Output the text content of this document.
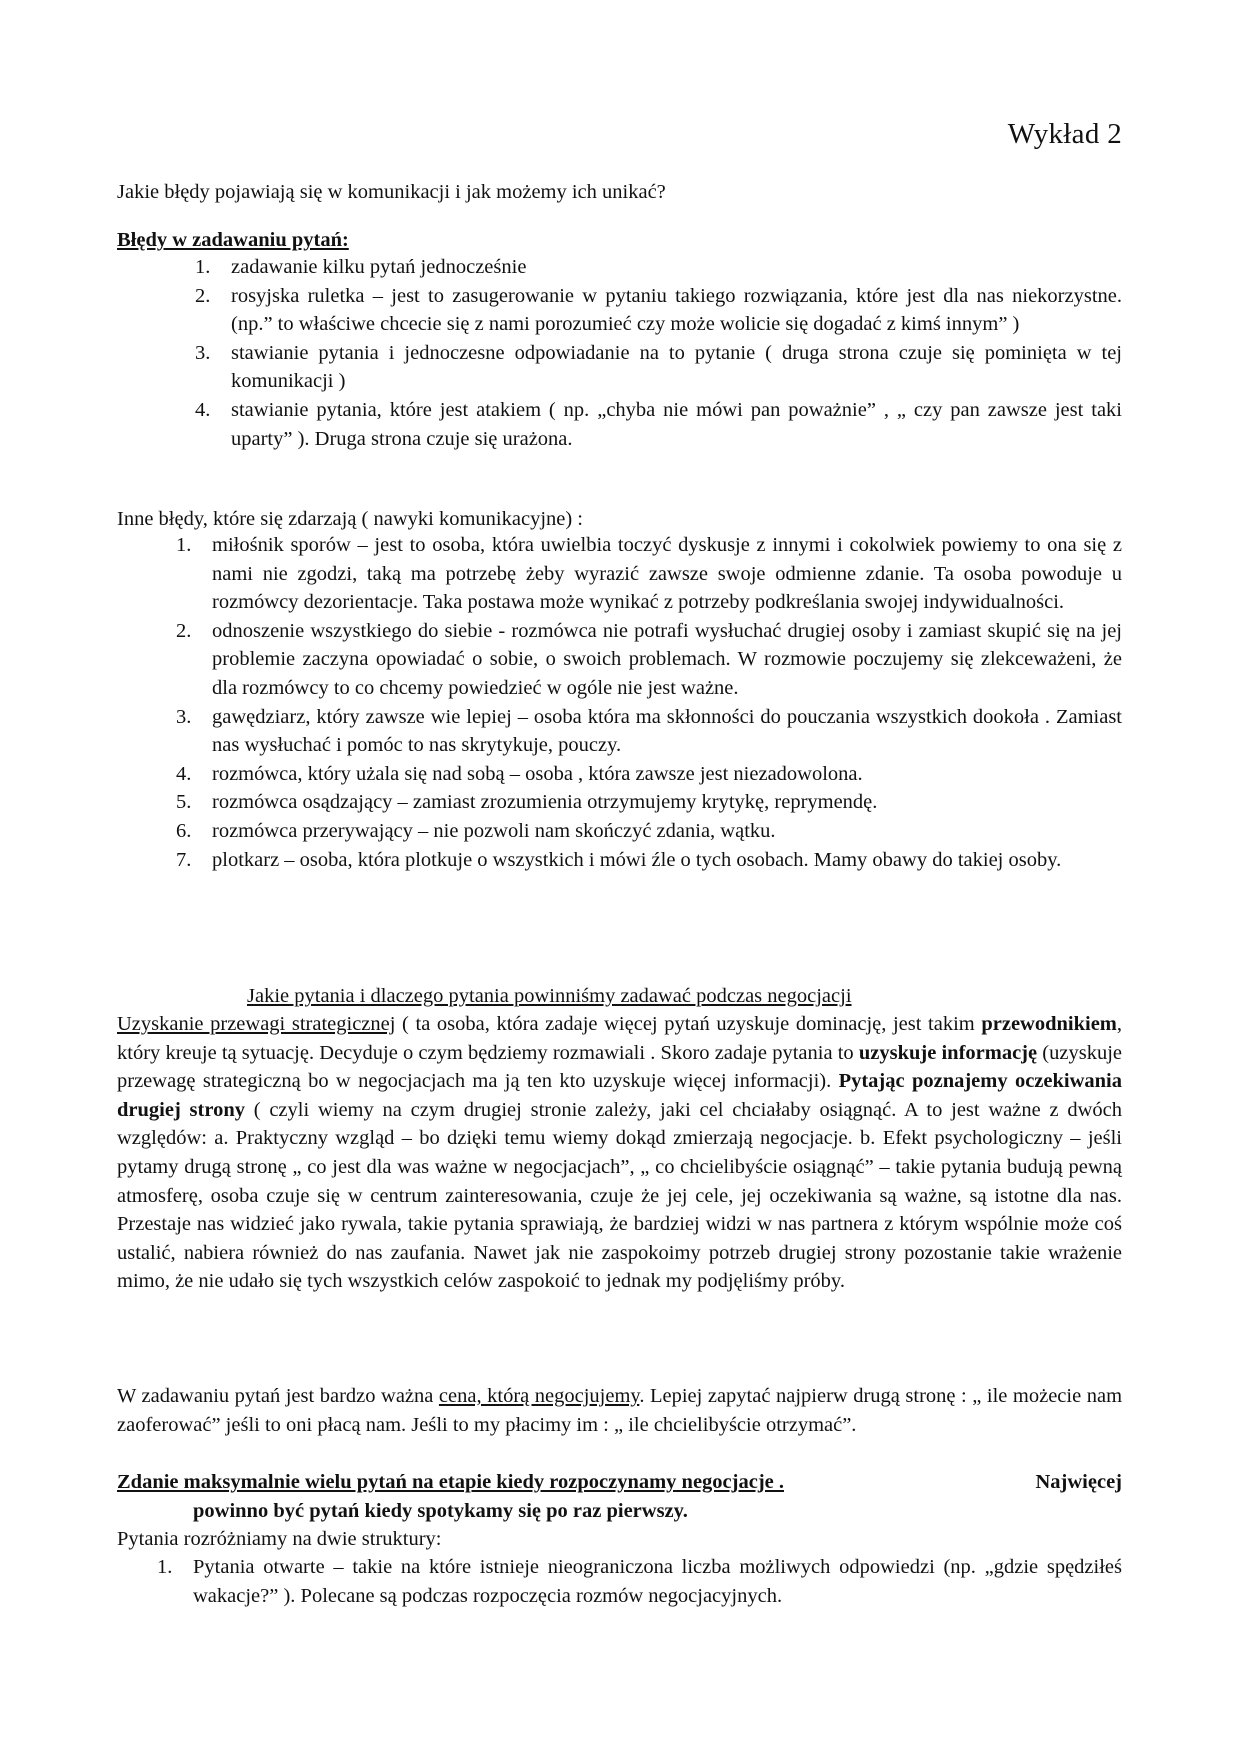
Wykład 2

Jakie błędy pojawiają się w komunikacji i jak możemy ich unikać?

Błędy w zadawaniu pytań:
1. zadawanie kilku pytań jednocześnie
2. rosyjska ruletka – jest to zasugerowanie w pytaniu takiego rozwiązania, które jest dla nas niekorzystne. (np.” to właściwe chcecie się z nami porozumieć czy może wolicie się dogadać z kimś innym” )
3. stawianie pytania i jednoczesne odpowiadanie na to pytanie ( druga strona czuje się pominięta w tej komunikacji )
4. stawianie pytania, które jest atakiem ( np. „chyba nie mówi pan poważnie” , „ czy pan zawsze jest taki uparty” ). Druga strona czuje się urażona.

Inne błędy, które się zdarzają ( nawyki komunikacyjne) :

1. miłośnik sporów – jest to osoba, która uwielbia toczyć dyskusje z innymi i cokolwiek powiemy to ona się z nami nie zgodzi, taką ma potrzebę żeby wyrazić zawsze swoje odmienne zdanie. Ta osoba powoduje u rozmówcy dezorientacje. Taka postawa może wynikać z potrzeby podkreślania swojej indywidualności.
2. odnoszenie wszystkiego do siebie - rozmówca nie potrafi wysłuchać drugiej osoby i zamiast skupić się na jej problemie zaczyna opowiadać o sobie, o swoich problemach. W rozmowie poczujemy się zlekceważeni, że dla rozmówcy to co chcemy powiedzieć w ogóle nie jest ważne.
3. gawędziarz, który zawsze wie lepiej – osoba która ma skłonności do pouczania wszystkich dookoła . Zamiast nas wysłuchać i pomóc to nas skrytykuje, pouczy.
4. rozmówca, który użala się nad sobą – osoba , która zawsze jest niezadowolona.
5. rozmówca osądzający – zamiast zrozumienia otrzymujemy krytykę, reprymendę.
6. rozmówca przerywający – nie pozwoli nam skończyć zdania, wątku.
7. plotkarz – osoba, która plotkuje o wszystkich i mówi źle o tych osobach. Mamy obawy do takiej osoby.
Jakie pytania i dlaczego pytania powinniśmy zadawać podczas negocjacji
Uzyskanie przewagi strategicznej ( ta osoba, która zadaje więcej pytań uzyskuje dominację, jest takim przewodnikiem, który kreuje tą sytuację. Decyduje o czym będziemy rozmawiali . Skoro zadaje pytania to uzyskuje informację (uzyskuje przewagę strategiczną bo w negocjacjach ma ją ten kto uzyskuje więcej informacji). Pytając poznajemy oczekiwania drugiej strony ( czyli wiemy na czym drugiej stronie zależy, jaki cel chciałaby osiągnąć. A to jest ważne z dwóch względów: a. Praktyczny wzgląd – bo dzięki temu wiemy dokąd zmierzają negocjacje. b. Efekt psychologiczny – jeśli pytamy drugą stronę „ co jest dla was ważne w negocjacjach”, „ co chcielibyście osiągnąć” – takie pytania budują pewną atmosferę, osoba czuje się w centrum zainteresowania, czuje że jej cele, jej oczekiwania są ważne, są istotne dla nas. Przestaje nas widzieć jako rywala, takie pytania sprawiają, że bardziej widzi w nas partnera z którym wspólnie może coś ustalić, nabiera również do nas zaufania. Nawet jak nie zaspokoimy potrzeb drugiej strony pozostanie takie wrażenie mimo, że nie udało się tych wszystkich celów zaspokoić to jednak my podjęliśmy próby.
W zadawaniu pytań jest bardzo ważna cena, którą negocjujemy. Lepiej zapytać najpierw drugą stronę : „ ile możecie nam zaoferować” jeśli to oni płacą nam. Jeśli to my płacimy im : „ ile chcielibyście otrzymać”.
Zdanie maksymalnie wielu pytań na etapie kiedy rozpoczynamy negocjacje .	Najwięcej
powinno być pytań kiedy spotykamy się po raz pierwszy.

Pytania rozróżniamy na dwie struktury:

1. Pytania otwarte – takie na które istnieje nieograniczona liczba możliwych odpowiedzi (np. „gdzie spędziłeś wakacje?” ). Polecane są podczas rozpoczęcia rozmów negocjacyjnych.
